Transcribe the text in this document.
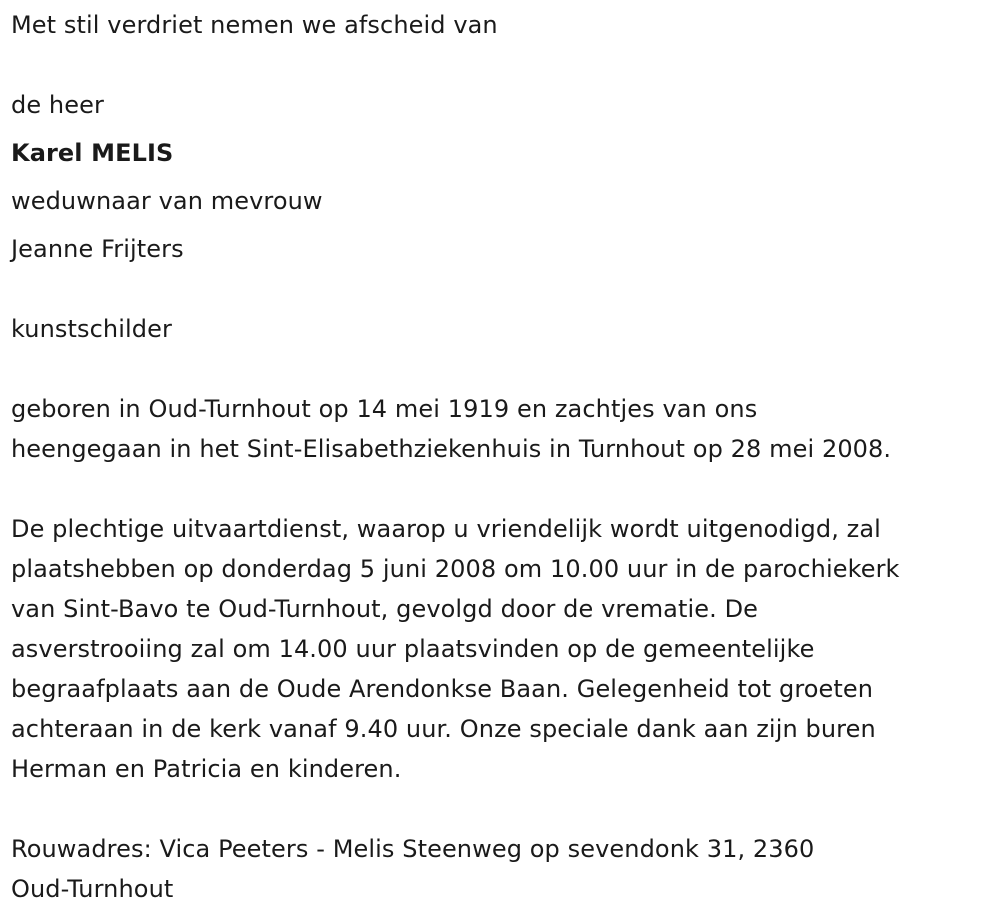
Met stil verdriet nemen we afscheid van
de heer
Karel MELIS
weduwnaar van mevrouw
Jeanne Frijters
kunstschilder
geboren in Oud-Turnhout op 14 mei 1919 en zachtjes van ons
heengegaan in het Sint-Elisabethziekenhuis in Turnhout op 28 mei 2008.
De plechtige uitvaartdienst, waarop u vriendelijk wordt uitgenodigd, zal
plaatshebben op donderdag 5 juni 2008 om 10.00 uur in de parochiekerk
van Sint-Bavo te Oud-Turnhout, gevolgd door de vrematie. De
asverstrooiing zal om 14.00 uur plaatsvinden op de gemeentelijke
begraafplaats aan de Oude Arendonkse Baan. Gelegenheid tot groeten
achteraan in de kerk vanaf 9.40 uur. Onze speciale dank aan zijn buren
Herman en Patricia en kinderen.
Rouwadres: Vica Peeters - Melis Steenweg op sevendonk 31, 2360
Oud-Turnhout
